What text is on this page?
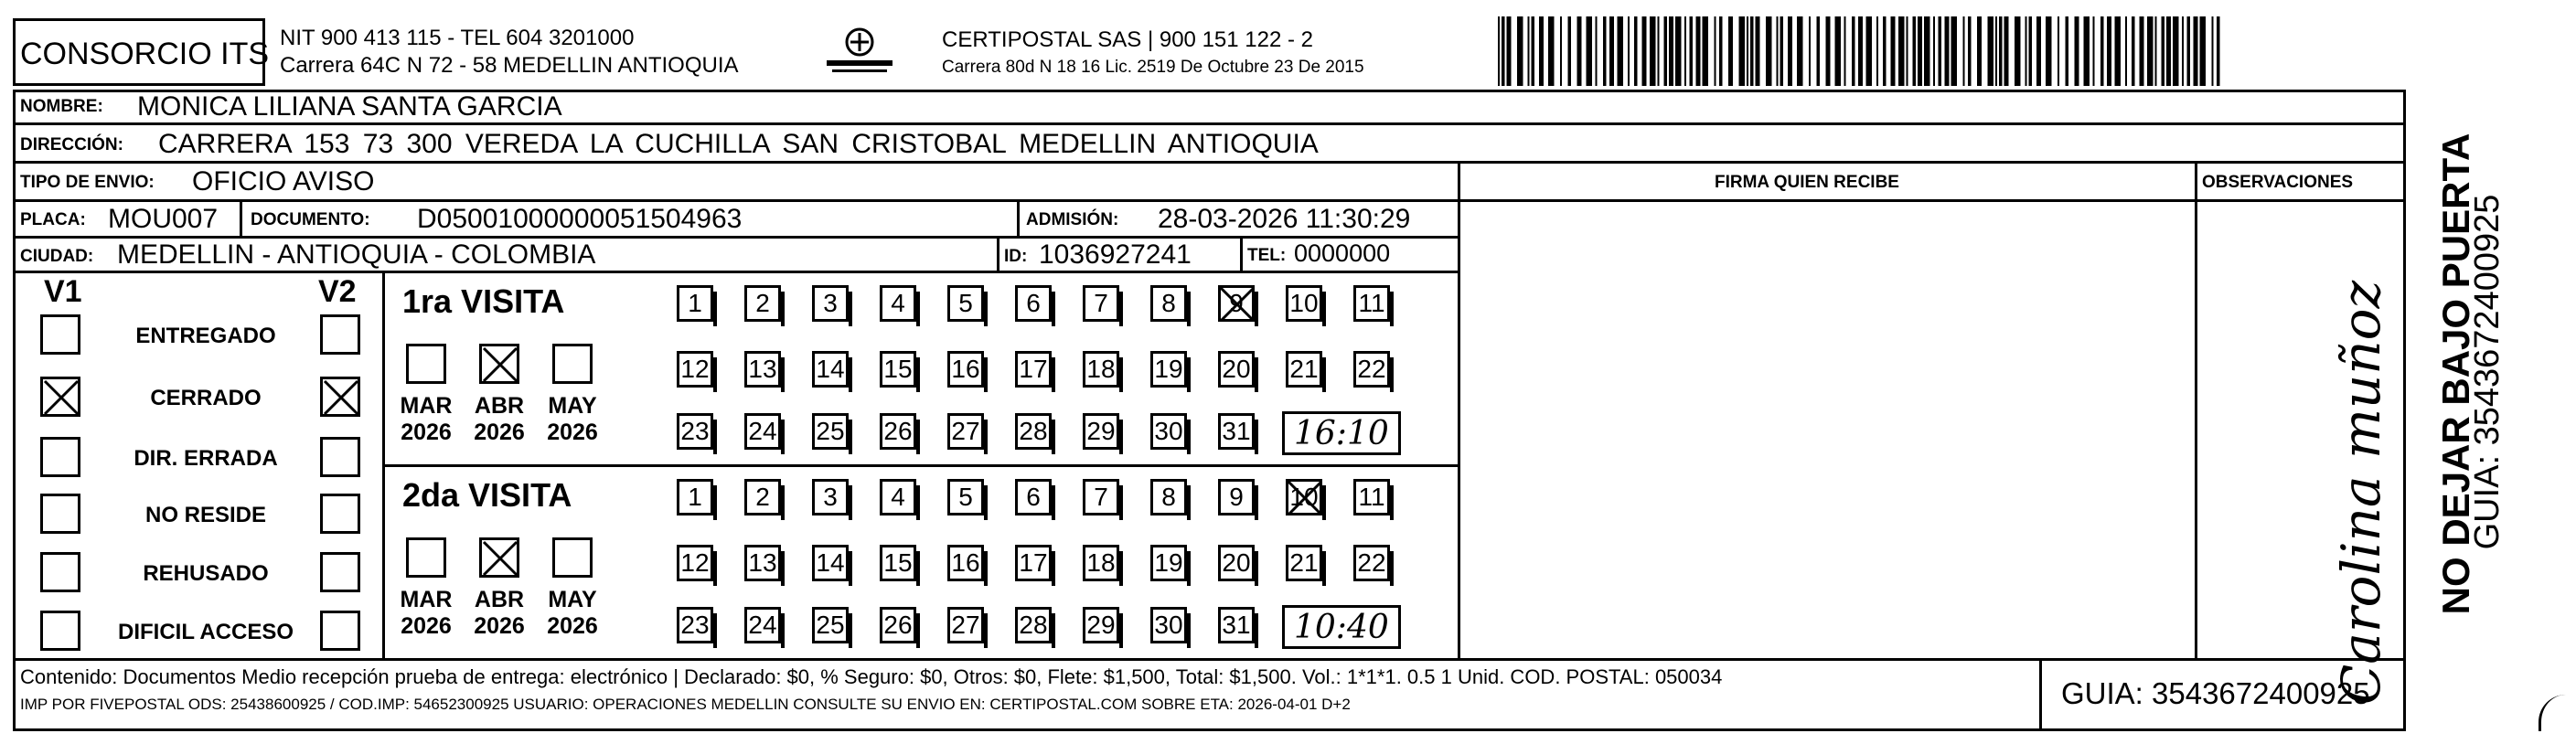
CONSORCIO ITS NIT 900 413 115 - TEL 604 3201000
Carrera 64C N 72 - 58 MEDELLIN ANTIOQUIA
CERTIPOSTAL SAS | 900 151 122 - 2
Carrera 80d N 18 16 Lic. 2519 De Octubre 23 De 2015
NOMBRE: MONICA LILIANA SANTA GARCIA
DIRECCIÓN: CARRERA 153 73 300 VEREDA LA CUCHILLA SAN CRISTOBAL MEDELLIN ANTIOQUIA
TIPO DE ENVIO: OFICIO AVISO	FIRMA QUIEN RECIBE	OBSERVACIONES
PLACA: MOU007 DOCUMENTO: D05001000000051504963	ADMISIÓN: 28-03-2026 11:30:29
CIUDAD: MEDELLIN - ANTIOQUIA - COLOMBIA	ID: 1036927241	TEL: 0000000
V1	V2
ENTREGADO
CERRADO
DIR. ERRADA
NO RESIDE
REHUSADO
DIFICIL ACCESO
1ra VISITA
MAR
2026
ABR
2026
MAY
2026
1	2	3	4	5	6	7	8	9	10 11
12 13 14 15 16 17 18 19 20 21 22
23 24 25 26 27 28 29 30 31 16:10
2da VISITA
MAR
2026
ABR
2026
MAY
2026
1	2	3	4	5	6	7	8	9	10 11
12 13 14 15 16 17 18 19 20 21 22
23 24 25 26 27 28 29 30 31 10:40	Carolina muñoz
Contenido: Documentos Medio recepción prueba de entrega: electrónico | Declarado: $0, % Seguro: $0, Otros: $0, Flete: $1,500, Total: $1,500. Vol.: 1*1*1. 0.5 1 Unid. COD. POSTAL: 050034
IMP POR FIVEPOSTAL ODS: 25438600925 / COD.IMP: 54652300925 USUARIO: OPERACIONES MEDELLIN CONSULTE SU ENVIO EN: CERTIPOSTAL.COM SOBRE ETA: 2026-04-01 D+2	GUIA: 3543672400925
NO DEJAR BAJO PUERTA
GUIA: 3543672400925
